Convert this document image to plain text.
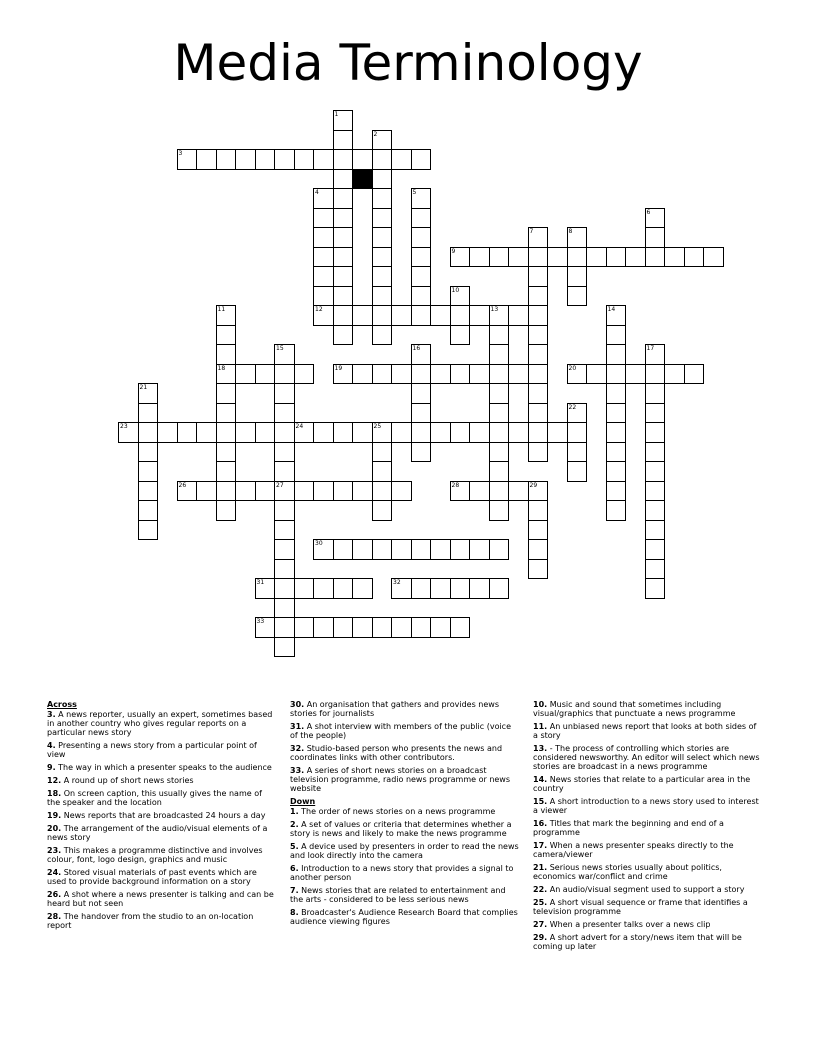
Media Terminology
1
2
3
4	5
6
7	8
9
10
11	12	13	14
15	16	17
18	19	20
21
22
23	24	25
26	27	28	29
30
31	32
33
Across
3. A news reporter, usually an expert, sometimes based in another country who gives regular reports on a particular news story
4. Presenting a news story from a particular point of view
9. The way in which a presenter speaks to the audience
12. A round up of short news stories
18. On screen caption, this usually gives the name of the speaker and the location
19. News reports that are broadcasted 24 hours a day
20. The arrangement of the audio/visual elements of a news story
23. This makes a programme distinctive and involves colour, font, logo design, graphics and music
24. Stored visual materials of past events which are used to provide background information on a story
26. A shot where a news presenter is talking and can be heard but not seen
28. The handover from the studio to an on-location report
30. An organisation that gathers and provides news stories for journalists
31. A shot interview with members of the public (voice of the people)
32. Studio-based person who presents the news and coordinates links with other contributors.
33. A series of short news stories on a broadcast television programme, radio news programme or news website
Down
1. The order of news stories on a news programme
2. A set of values or criteria that determines whether a story is news and likely to make the news programme
5. A device used by presenters in order to read the news and look directly into the camera
6. Introduction to a news story that provides a signal to another person
7. News stories that are related to entertainment and the arts - considered to be less serious news
8. Broadcaster's Audience Research Board that complies audience viewing figures
10. Music and sound that sometimes including visual/graphics that punctuate a news programme
11. An unbiased news report that looks at both sides of a story
13. - The process of controlling which stories are considered newsworthy. An editor will select which news stories are broadcast in a news programme
14. News stories that relate to a particular area in the country
15. A short introduction to a news story used to interest a viewer
16. Titles that mark the beginning and end of a programme
17. When a news presenter speaks directly to the camera/viewer
21. Serious news stories usually about politics, economics war/conflict and crime
22. An audio/visual segment used to support a story
25. A short visual sequence or frame that identifies a television programme
27. When a presenter talks over a news clip
29. A short advert for a story/news item that will be coming up later
